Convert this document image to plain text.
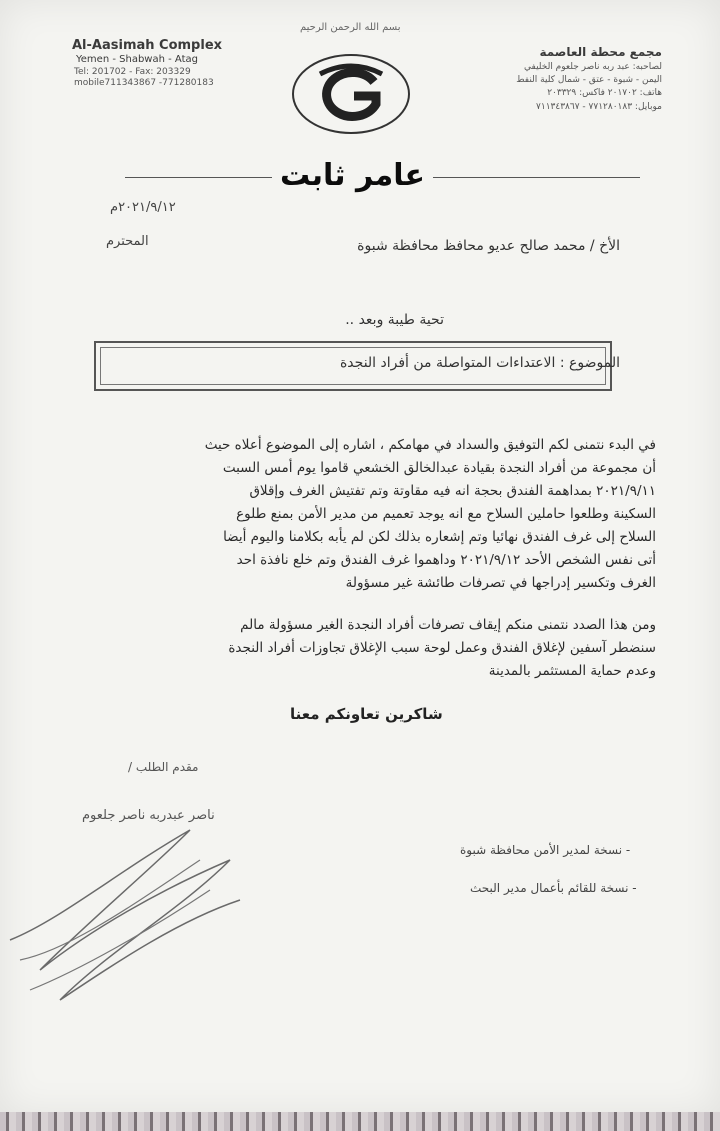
بسم الله الرحمن الرحيم
Al-Aasimah Complex
Yemen - Shabwah - Atag
Tel: 201702 - Fax: 203329
mobile711343867 -771280183
مجمع محطة العاصمة
لصاحبه: عبد ربه ناصر جلعوم الخليفي
اليمن - شبوة - عتق - شمال كلية النفط
هاتف: ٢٠١٧٠٢ فاكس: ٢٠٣٣٢٩
موبايل: ٧٧١٢٨٠١٨٣ - ٧١١٣٤٣٨٦٧
عامر ثابت
٢٠٢١/٩/١٢م
الأخ / محمد صالح عديو محافظ محافظة شبوة
المحترم
تحية طيبة وبعد ..
الموضوع : الاعتداءات المتواصلة من أفراد النجدة
في البدء نتمنى لكم التوفيق والسداد في مهامكم ، اشاره إلى الموضوع أعلاه حيث
أن مجموعة من أفراد النجدة بقيادة عبدالخالق الخشعي قاموا يوم أمس السبت
٢٠٢١/٩/١١ بمداهمة الفندق بحجة انه فيه مقاوتة وتم تفتيش الغرف وإقلاق
السكينة وطلعوا حاملين السلاح مع انه يوجد تعميم من مدير الأمن بمنع طلوع
السلاح إلى غرف الفندق نهائيا وتم إشعاره بذلك لكن لم يأبه بكلامنا واليوم أيضا
أتى نفس الشخص الأحد ٢٠٢١/٩/١٢ وداهموا غرف الفندق وتم خلع نافذة احد
الغرف وتكسير إدراجها في تصرفات طائشة غير مسؤولة
ومن هذا الصدد نتمنى منكم إيقاف تصرفات أفراد النجدة الغير مسؤولة مالم
سنضطر آسفين لإغلاق الفندق وعمل لوحة سبب الإغلاق تجاوزات أفراد النجدة
وعدم حماية المستثمر بالمدينة
شاكرين تعاونكم معنا
مقدم الطلب /
ناصر عبدربه ناصر جلعوم
- نسخة لمدير الأمن محافظة شبوة
- نسخة للقائم بأعمال مدير البحث
